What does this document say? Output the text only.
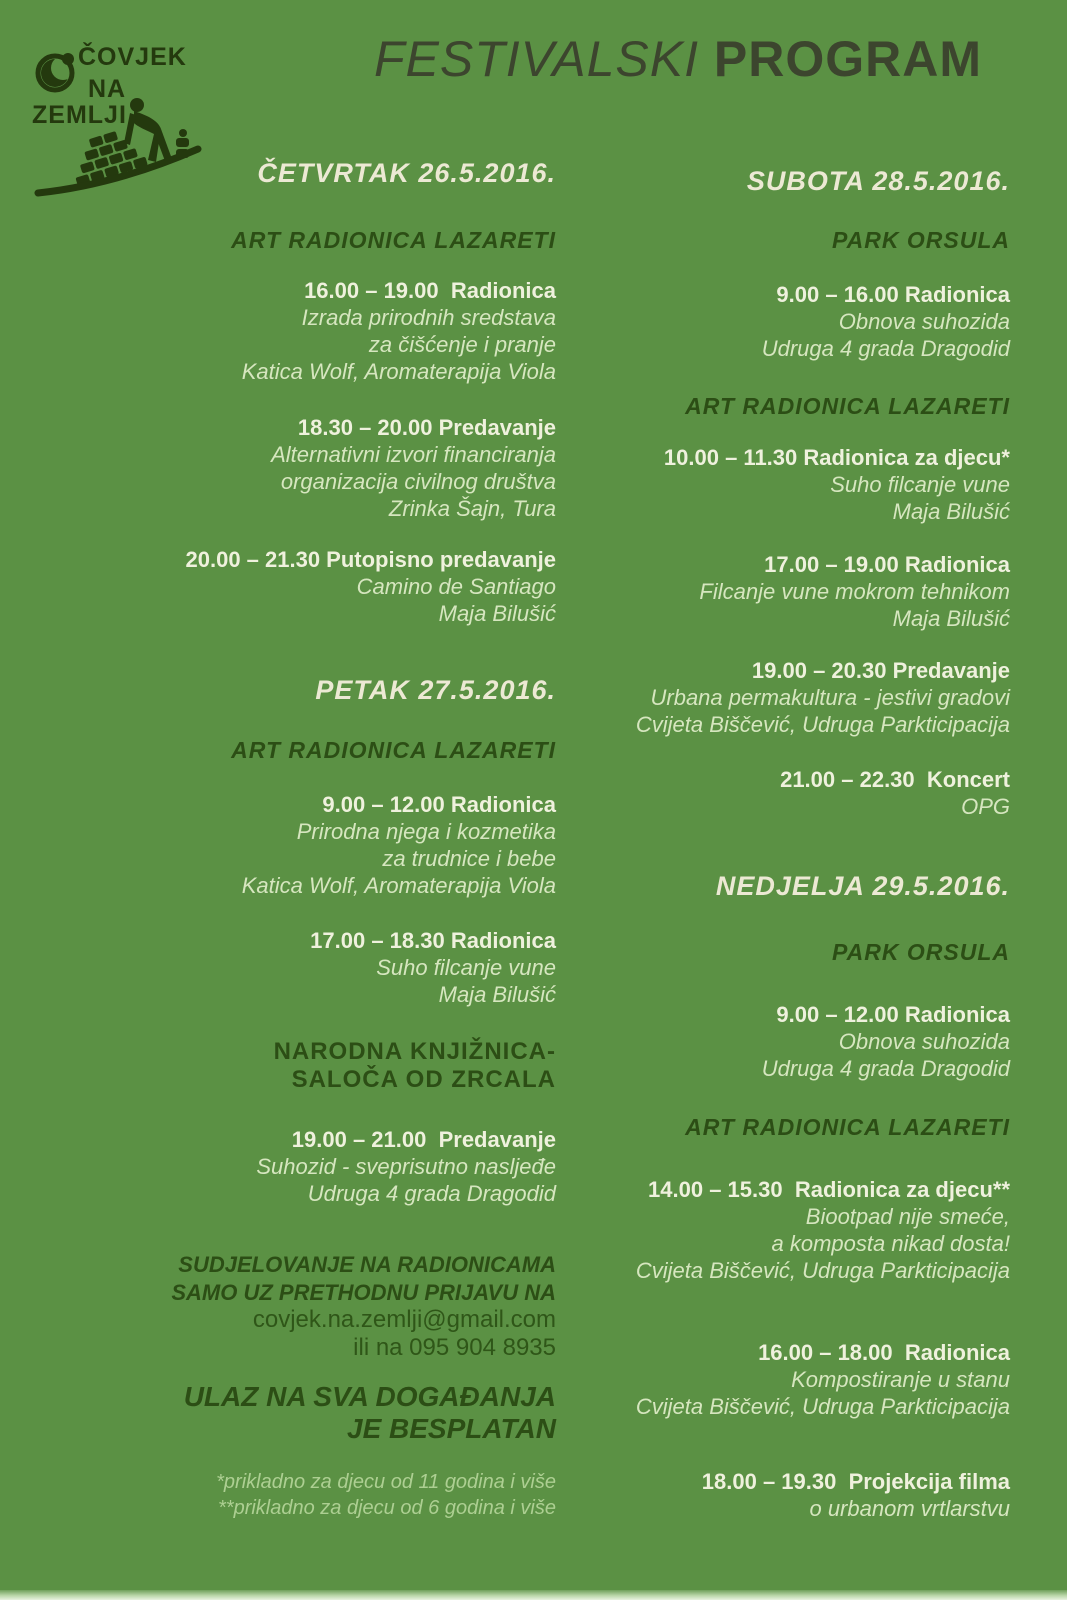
ČOVJEK
NA
ZEMLJI
FESTIVALSKI PROGRAM
ČETVRTAK 26.5.2016.
ART RADIONICA LAZARETI
16.00 – 19.00  Radionica
Izrada prirodnih sredstava
za čišćenje i pranje
Katica Wolf, Aromaterapija Viola
18.30 – 20.00 Predavanje
Alternativni izvori financiranja
organizacija civilnog društva
Zrinka Šajn, Tura
20.00 – 21.30 Putopisno predavanje
Camino de Santiago
Maja Bilušić
PETAK 27.5.2016.
ART RADIONICA LAZARETI
9.00 – 12.00 Radionica
Prirodna njega i kozmetika
za trudnice i bebe
Katica Wolf, Aromaterapija Viola
17.00 – 18.30 Radionica
Suho filcanje vune
Maja Bilušić
NARODNA KNJIŽNICA-
SALOČA OD ZRCALA
19.00 – 21.00  Predavanje
Suhozid - sveprisutno nasljeđe
Udruga 4 grada Dragodid
SUDJELOVANJE NA RADIONICAMA
SAMO UZ PRETHODNU PRIJAVU NA
covjek.na.zemlji@gmail.com
ili na 095 904 8935
ULAZ NA SVA DOGAĐANJA
JE BESPLATAN
*prikladno za djecu od 11 godina i više
**prikladno za djecu od 6 godina i više
SUBOTA 28.5.2016.
PARK ORSULA
9.00 – 16.00 Radionica
Obnova suhozida
Udruga 4 grada Dragodid
ART RADIONICA LAZARETI
10.00 – 11.30 Radionica za djecu*
Suho filcanje vune
Maja Bilušić
17.00 – 19.00 Radionica
Filcanje vune mokrom tehnikom
Maja Bilušić
19.00 – 20.30 Predavanje
Urbana permakultura - jestivi gradovi
Cvijeta Biščević, Udruga Parkticipacija
21.00 – 22.30  Koncert
OPG
NEDJELJA 29.5.2016.
PARK ORSULA
9.00 – 12.00 Radionica
Obnova suhozida
Udruga 4 grada Dragodid
ART RADIONICA LAZARETI
14.00 – 15.30  Radionica za djecu**
Biootpad nije smeće,
a komposta nikad dosta!
Cvijeta Biščević, Udruga Parkticipacija
16.00 – 18.00  Radionica
Kompostiranje u stanu
Cvijeta Biščević, Udruga Parkticipacija
18.00 – 19.30  Projekcija filma
o urbanom vrtlarstvu
